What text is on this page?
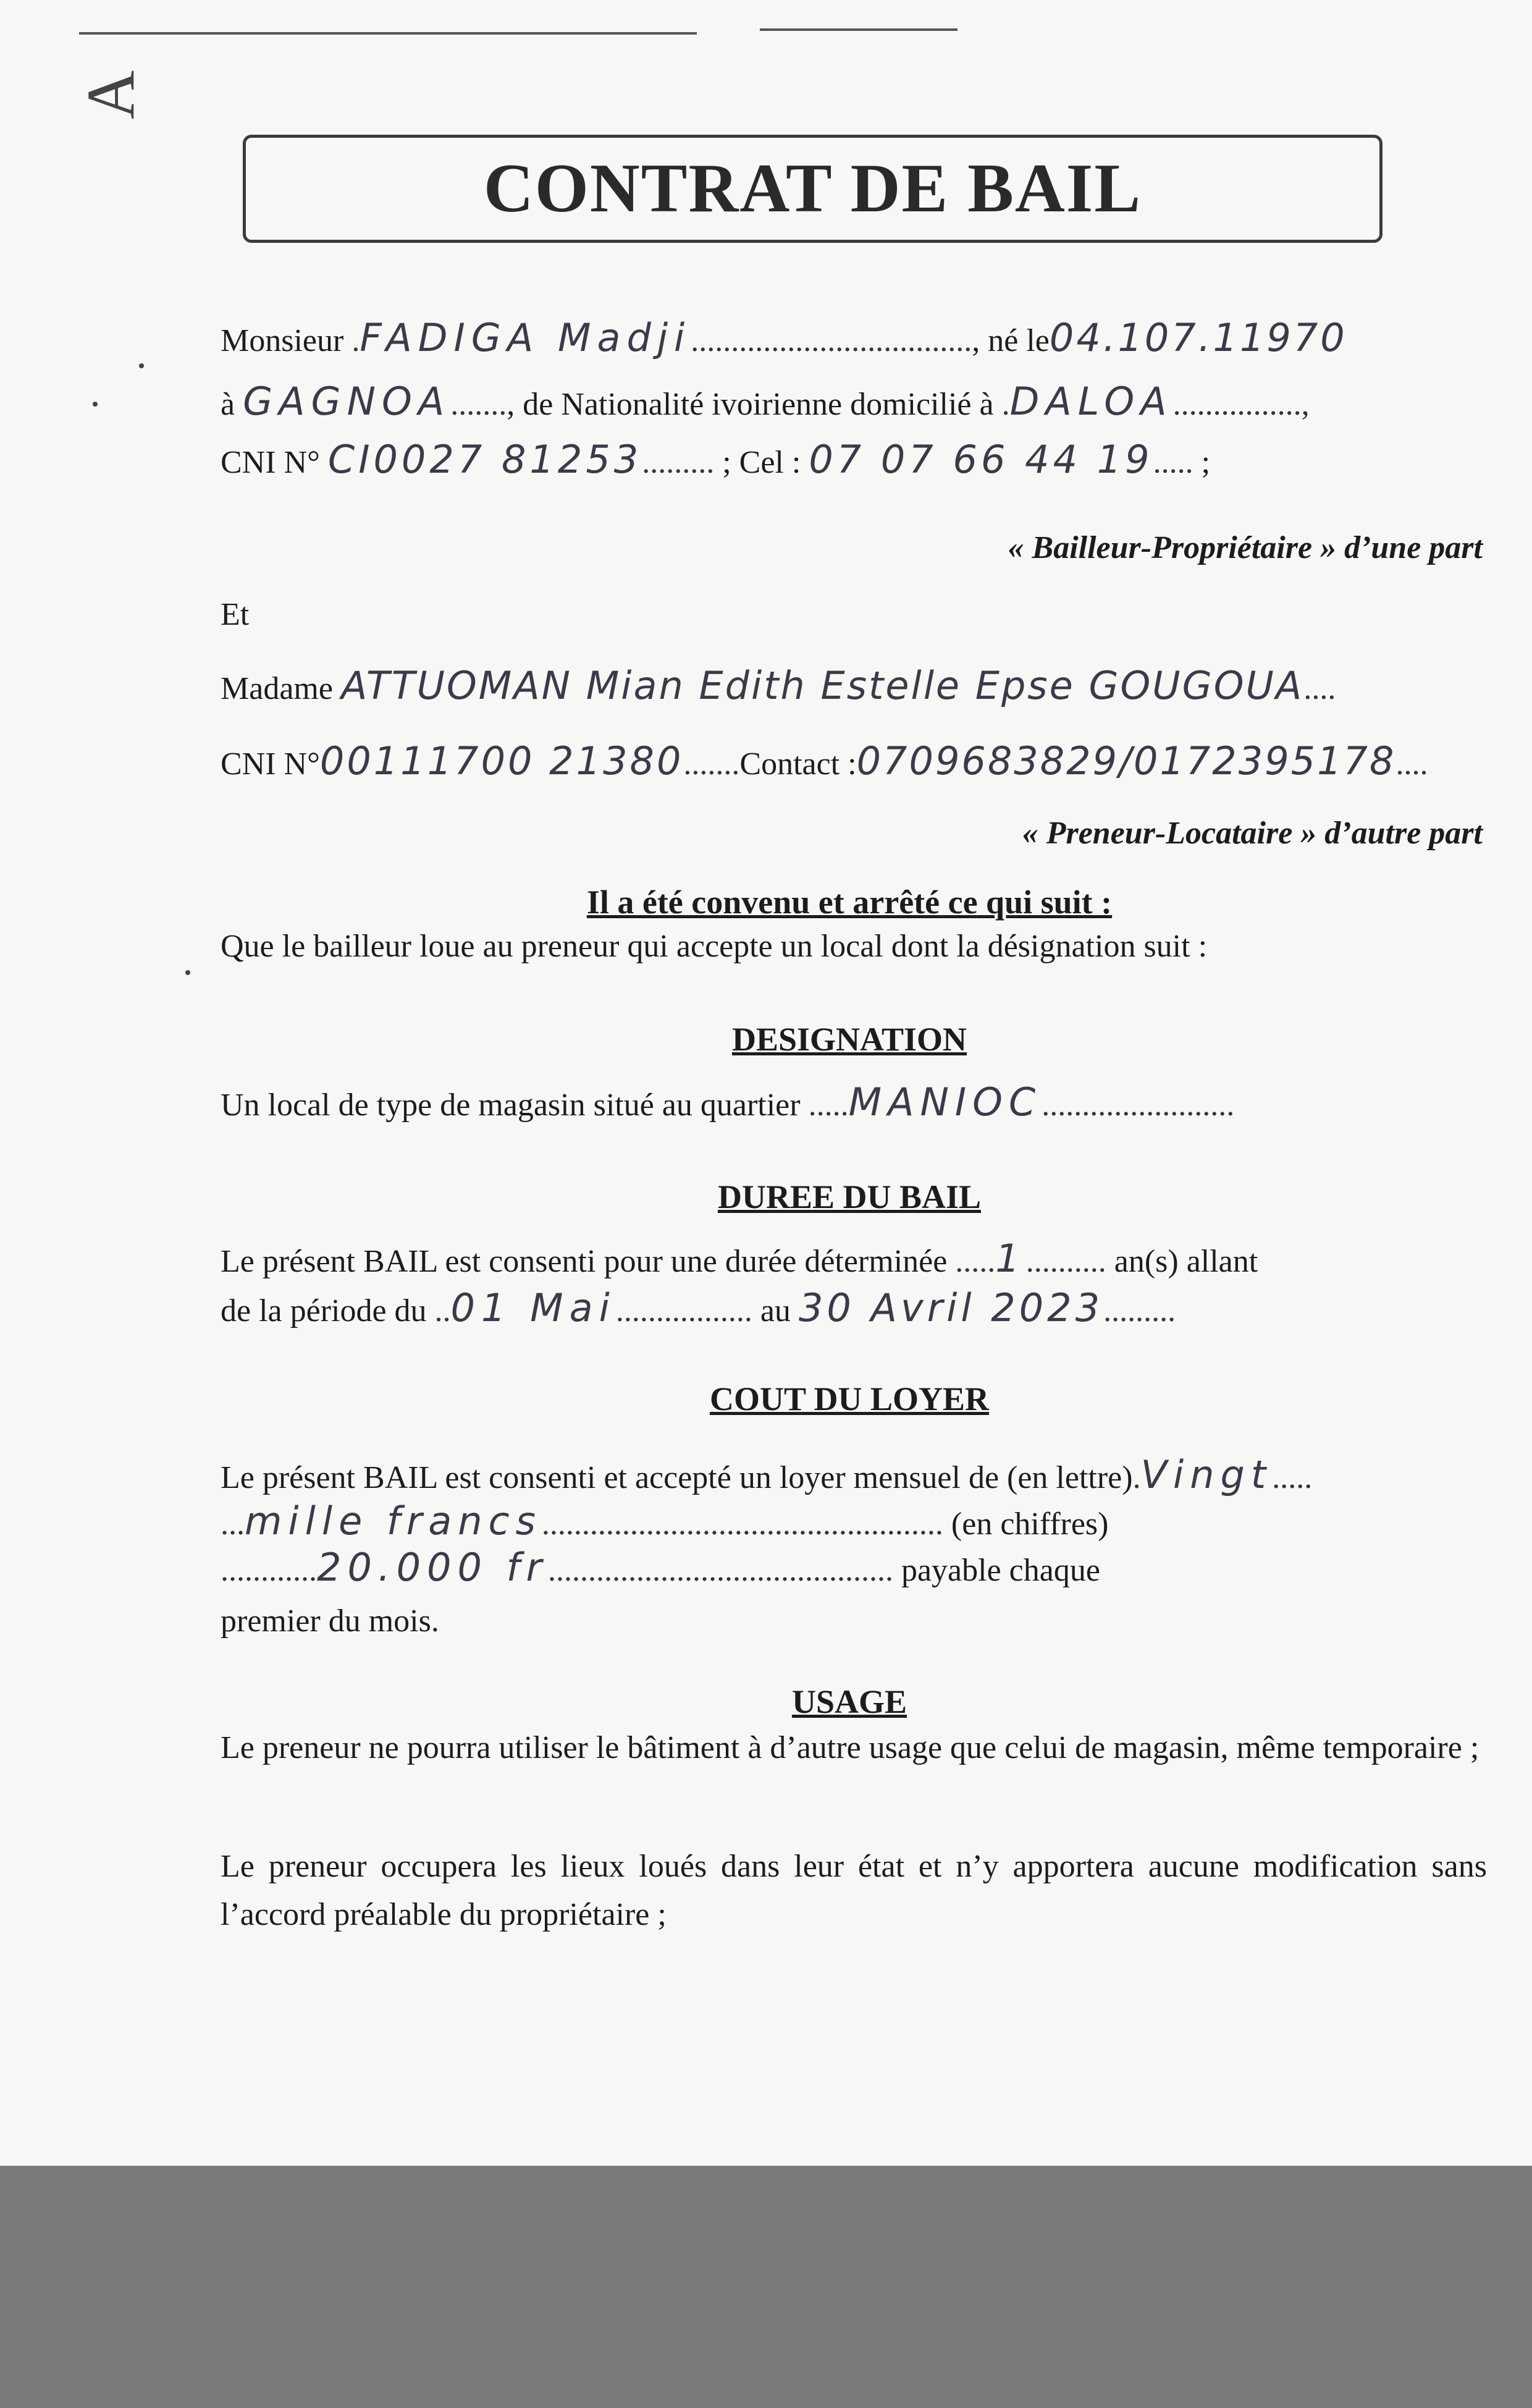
A
CONTRAT DE BAIL
Monsieur .FADIGA Madji..................................., né le04.107.11970
à GAGNOA......., de Nationalité ivoirienne domicilié à .DALOA................,
CNI N° CI0027 81253......... ; Cel : 07 07 66 44 19..... ;
« Bailleur-Propriétaire » d’une part
Et
Madame ATTUOMAN Mian Edith Estelle Epse GOUGOUA....
CNI N°00111700 21380.......Contact :0709683829/0172395178....
« Preneur-Locataire » d’autre part
Il a été convenu et arrêté ce qui suit :
Que le bailleur loue au preneur qui accepte un local dont la désignation suit :
DESIGNATION
Un local de type de magasin situé au quartier .....MANIOC........................
DUREE DU BAIL
Le présent BAIL est consenti pour une durée déterminée .....1.......... an(s) allant
de la période du ..01 Mai................. au 30 Avril 2023.........
COUT DU LOYER
Le présent BAIL est consenti et accepté un loyer mensuel de (en lettre).Vingt.....
...mille francs.................................................. (en chiffres)
............20.000 fr........................................... payable chaque
premier du mois.
USAGE
Le preneur ne pourra utiliser le bâtiment à d’autre usage que celui de magasin, même temporaire ;
Le preneur occupera les lieux loués dans leur état et n’y apportera aucune modification sans l’accord préalable du propriétaire ;
